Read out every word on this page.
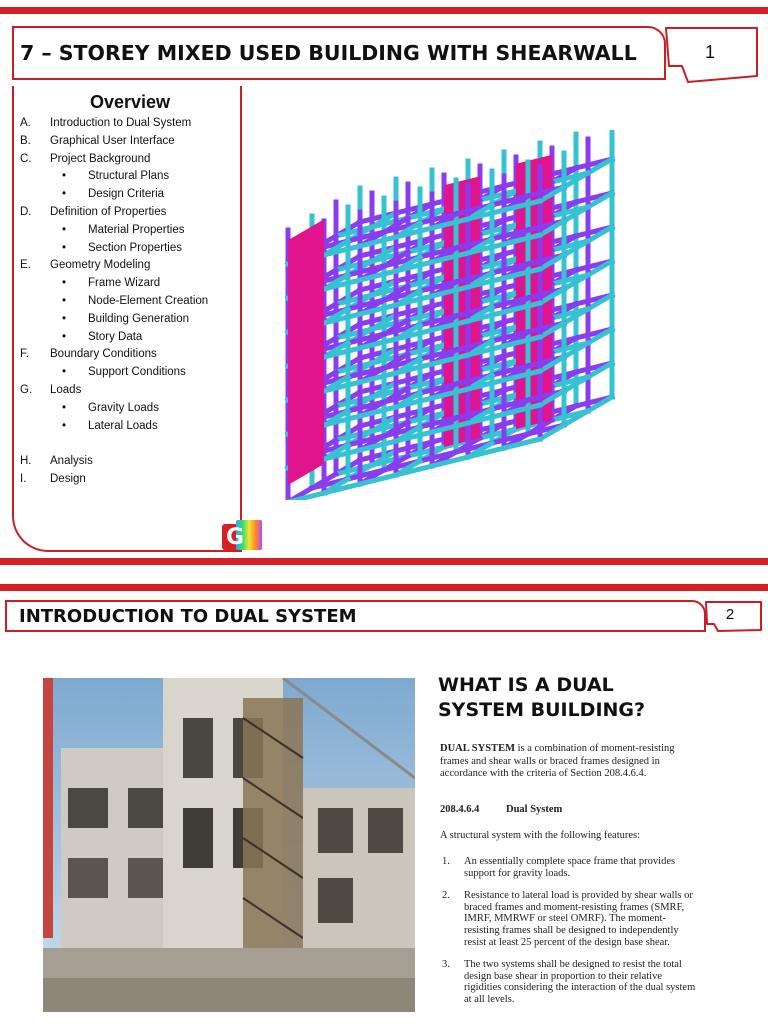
7 – STOREY MIXED USED BUILDING WITH SHEARWALL	1
Overview
A. Introduction to Dual System
B. Graphical User Interface
C. Project Background
• Structural Plans
• Design Criteria
D. Definition of Properties
• Material Properties
• Section Properties
E. Geometry Modeling
• Frame Wizard
• Node-Element Creation
• Building Generation
• Story Data
F. Boundary Conditions
• Support Conditions
G. Loads
• Gravity Loads
• Lateral Loads
H. Analysis
I. Design
G
INTRODUCTION TO DUAL SYSTEM	2
WHAT IS A DUAL
SYSTEM BUILDING?
DUAL SYSTEM is a combination of moment-resisting
frames and shear walls or braced frames designed in
accordance with the criteria of Section 208.4.6.4.
208.4.6.4	Dual System
A structural system with the following features:
1. An essentially complete space frame that provides
support for gravity loads.
2. Resistance to lateral load is provided by shear walls or
braced frames and moment-resisting frames (SMRF,
IMRF, MMRWF or steel OMRF). The moment-
resisting frames shall be designed to independently
resist at least 25 percent of the design base shear.
3. The two systems shall be designed to resist the total
design base shear in proportion to their relative
rigidities considering the interaction of the dual system
at all levels.
